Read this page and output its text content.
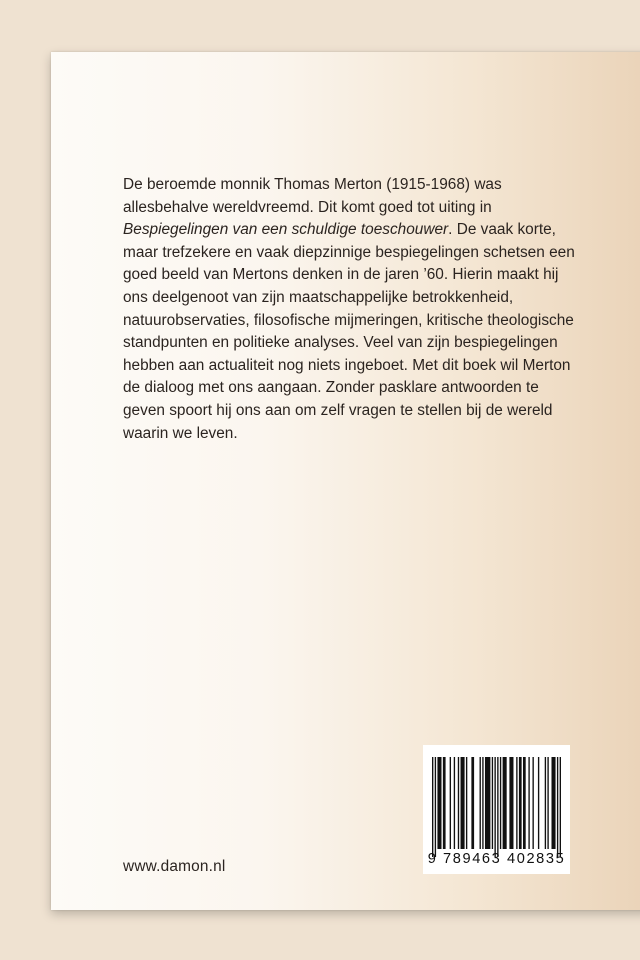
De beroemde monnik Thomas Merton (1915-1968) was allesbehalve wereldvreemd. Dit komt goed tot uiting in Bespiegelingen van een schuldige toeschouwer. De vaak korte, maar trefzekere en vaak diepzinnige bespiegelingen schetsen een goed beeld van Mertons denken in de jaren ’60. Hierin maakt hij ons deelgenoot van zijn maatschappelijke betrokkenheid, natuurobservaties, filosofische mijmeringen, kritische theologische standpunten en politieke analyses. Veel van zijn bespiegelingen hebben aan actualiteit nog niets ingeboet. Met dit boek wil Merton de dialoog met ons aangaan. Zonder pasklare antwoorden te geven spoort hij ons aan om zelf vragen te stellen bij de wereld waarin we leven.

www.damon.nl	9 789463 402835
